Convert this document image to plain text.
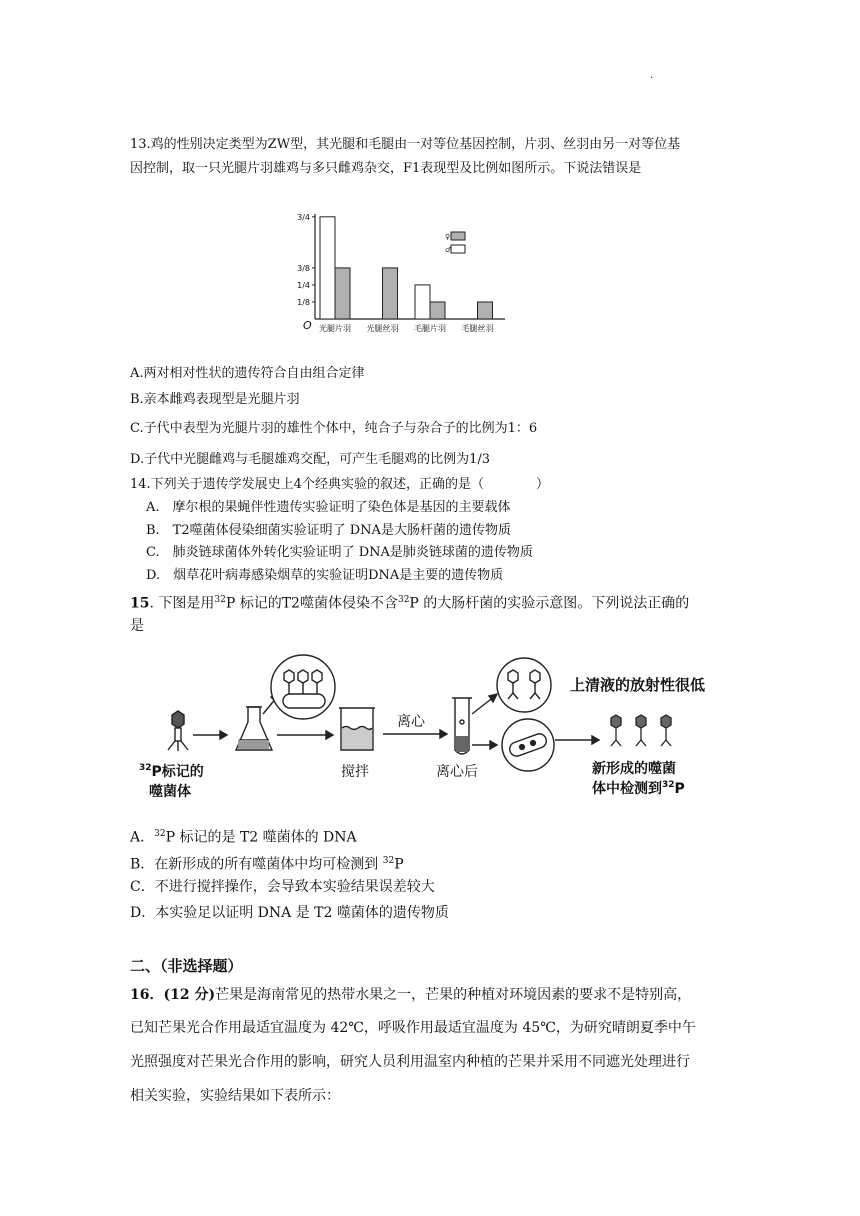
.
13.鸡的性别决定类型为ZW型，其光腿和毛腿由一对等位基因控制，片羽、丝羽由另一对等位基
因控制，取一只光腿片羽雄鸡与多只雌鸡杂交，F1表现型及比例如图所示。下说法错误是
O
3/4
3/8
1/4
1/8
光腿片羽 光腿丝羽 毛腿片羽 毛腿丝羽
♀
♂
A.两对相对性状的遗传符合自由组合定律
B.亲本雌鸡表现型是光腿片羽
C.子代中表型为光腿片羽的雄性个体中，纯合子与杂合子的比例为1：6
D.子代中光腿雌鸡与毛腿雄鸡交配，可产生毛腿鸡的比例为1/3
14.下列关于遗传学发展史上4个经典实验的叙述，正确的是（　　　　）
A.　摩尔根的果蝇伴性遗传实验证明了染色体是基因的主要载体
B.　T2噬菌体侵染细菌实验证明了 DNA是大肠杆菌的遗传物质
C.　肺炎链球菌体外转化实验证明了 DNA是肺炎链球菌的遗传物质
D.　烟草花叶病毒感染烟草的实验证明DNA是主要的遗传物质
15. 下图是用$^{32}$P 标记的T2噬菌体侵染不含$^{32}$P 的大肠杆菌的实验示意图。下列说法正确的
是
搅拌
离心
离心后
上清液的放射性很低
新形成的噬菌
体中检测到$^{32}$P
$^{32}$P标记的
噬菌体
A．$^{32}$P 标记的是 T2 噬菌体的 DNA
B．在新形成的所有噬菌体中均可检测到 $^{32}$P
C．不进行搅拌操作，会导致本实验结果误差较大
D．本实验足以证明 DNA 是 T2 噬菌体的遗传物质
二、（非选择题）
16．(12 分)芒果是海南常见的热带水果之一，芒果的种植对环境因素的要求不是特别高，
已知芒果光合作用最适宜温度为 42℃，呼吸作用最适宜温度为 45℃，为研究晴朗夏季中午
光照强度对芒果光合作用的影响，研究人员利用温室内种植的芒果并采用不同遮光处理进行
相关实验，实验结果如下表所示：
